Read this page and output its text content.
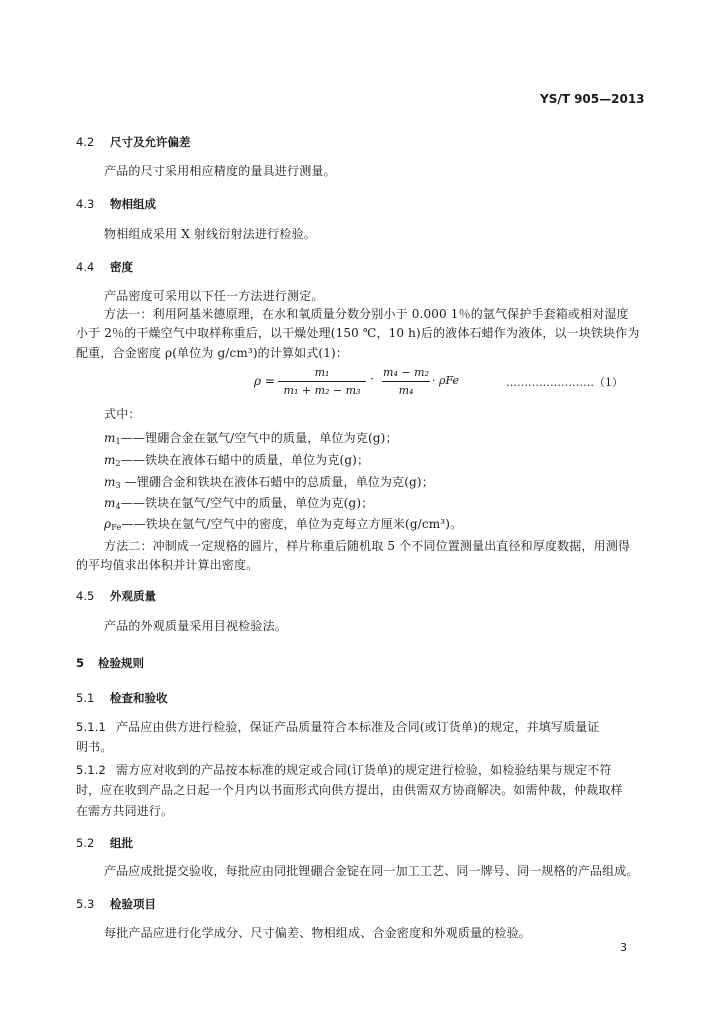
YS/T 905—2013
4.2 尺寸及允许偏差
产品的尺寸采用相应精度的量具进行测量。
4.3 物相组成
物相组成采用 X 射线衍射法进行检验。
4.4 密度
产品密度可采用以下任一方法进行测定。
方法一：利用阿基米德原理，在水和氧质量分数分别小于 0.000 1％的氩气保护手套箱或相对湿度
小于 2％的干燥空气中取样称重后，以干燥处理(150 ℃，10 h)后的液体石蜡作为液体，以一块铁块作为
配重，合金密度 ρ(单位为 g/cm³)的计算如式(1)：
ρ =
m₁
m₁ + m₂ − m₃
· m₄ − m₂
m₄
· ρFe	……………………（1）
式中：
$m_1——$锂硼合金在氩气/空气中的质量，单位为克(g)；
$m_2——$铁块在液体石蜡中的质量，单位为克(g)；
$m_3$ —锂硼合金和铁块在液体石蜡中的总质量，单位为克(g)；
$m_4——$铁块在氩气/空气中的质量，单位为克(g)；
$\rho_{Fe}——$铁块在氩气/空气中的密度，单位为克每立方厘米(g/cm³)。
方法二：冲制成一定规格的圆片，样片称重后随机取 5 个不同位置测量出直径和厚度数据，用测得
的平均值求出体积并计算出密度。
4.5 外观质量
产品的外观质量采用目视检验法。
5 检验规则
5.1 检查和验收
5.1.1 产品应由供方进行检验，保证产品质量符合本标准及合同(或订货单)的规定，并填写质量证
明书。
5.1.2 需方应对收到的产品按本标准的规定或合同(订货单)的规定进行检验，如检验结果与规定不符
时，应在收到产品之日起一个月内以书面形式向供方提出，由供需双方协商解决。如需仲裁，仲裁取样
在需方共同进行。
5.2 组批
产品应成批提交验收，每批应由同批锂硼合金锭在同一加工工艺、同一牌号、同一规格的产品组成。
5.3 检验项目
每批产品应进行化学成分、尺寸偏差、物相组成、合金密度和外观质量的检验。
3
